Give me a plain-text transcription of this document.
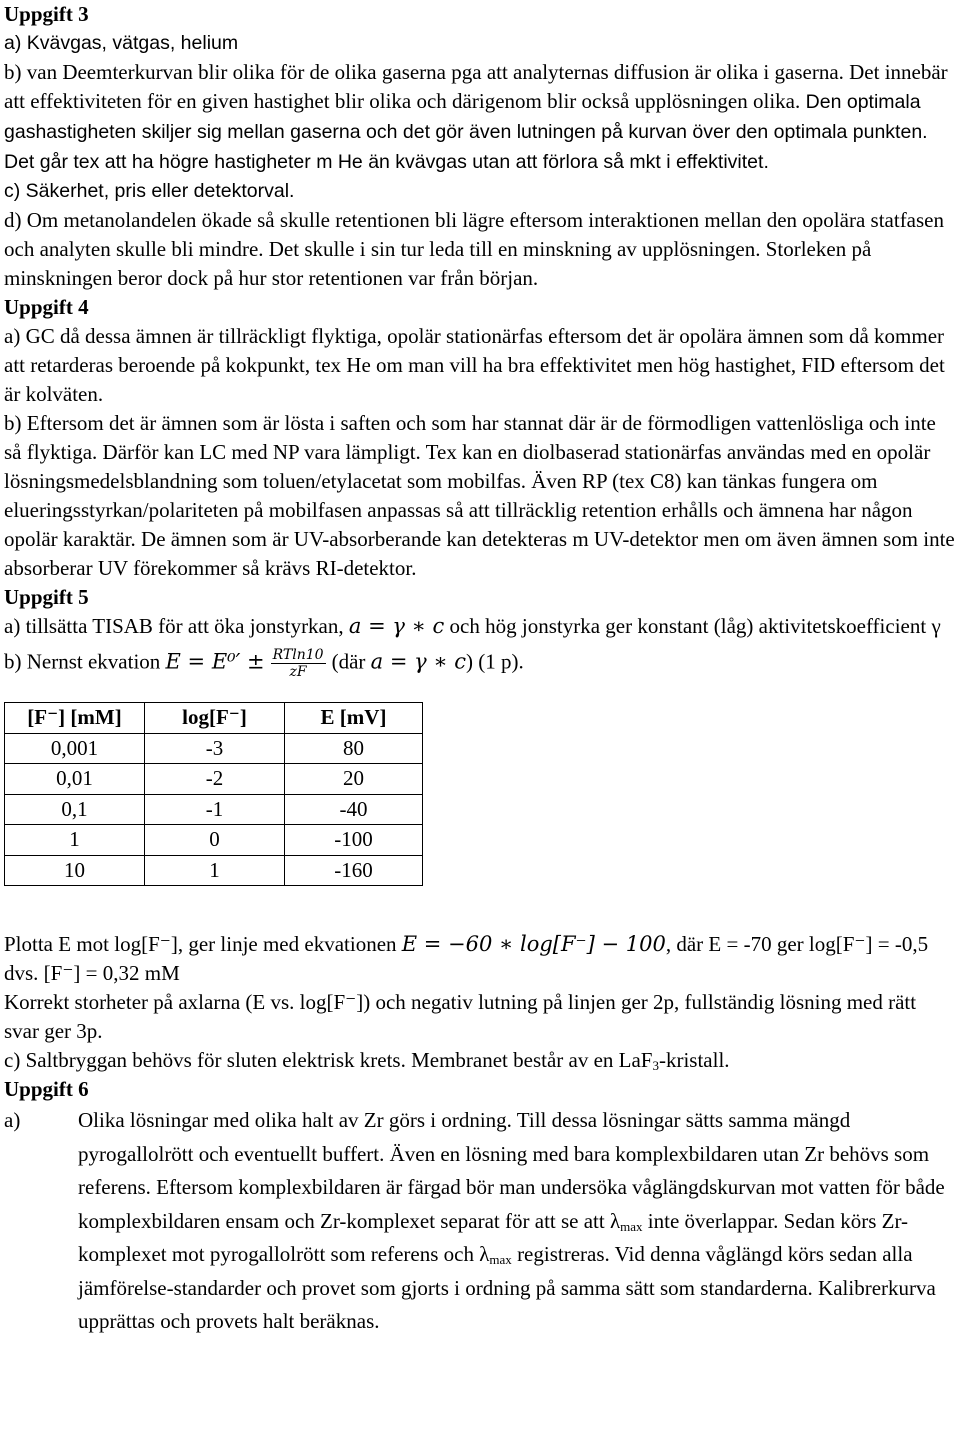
Uppgift 3

a) Kvävgas, vätgas, helium

b) van Deemterkurvan blir olika för de olika gaserna pga att analyternas diffusion är olika i gaserna. Det innebär att effektiviteten för en given hastighet blir olika och därigenom blir också upplösningen olika. Den optimala gashastigheten skiljer sig mellan gaserna och det gör även lutningen på kurvan över den optimala punkten. Det går tex att ha högre hastigheter m He än kvävgas utan att förlora så mkt i effektivitet.

c) Säkerhet, pris eller detektorval.

d) Om metanolandelen ökade så skulle retentionen bli lägre eftersom interaktionen mellan den opolära statfasen och analyten skulle bli mindre. Det skulle i sin tur leda till en minskning av upplösningen. Storleken på minskningen beror dock på hur stor retentionen var från början.

Uppgift 4

a) GC då dessa ämnen är tillräckligt flyktiga, opolär stationärfas eftersom det är opolära ämnen som då kommer att retarderas beroende på kokpunkt, tex He om man vill ha bra effektivitet men hög hastighet, FID eftersom det är kolväten.

b) Eftersom det är ämnen som är lösta i saften och som har stannat där är de förmodligen vattenlösliga och inte så flyktiga. Därför kan LC med NP vara lämpligt. Tex kan en diolbaserad stationärfas användas med en opolär lösningsmedelsblandning som toluen/etylacetat som mobilfas. Även RP (tex C8) kan tänkas fungera om elueringsstyrkan/polariteten på mobilfasen anpassas så att tillräcklig retention erhålls och ämnena har någon opolär karaktär. De ämnen som är UV-absorberande kan detekteras m UV-detektor men om även ämnen som inte absorberar UV förekommer så krävs RI-detektor.

Uppgift 5

a) tillsätta TISAB för att öka jonstyrkan, a = γ ∗ c och hög jonstyrka ger konstant (låg) aktivitetskoefficient γ

b) Nernst ekvation $E = E^0' \pm \frac{RTln10}{zF}$ (där a = γ ∗ c) (1 p).

[F⁻] [mM]	log[F⁻]	E [mV]
0,001	-3	80
0,01	-2	20
0,1	-1	-40
1	0	-100
10	1	-160

Plotta E mot log[F⁻], ger linje med ekvationen E = −60 ∗ log[F⁻] − 100, där E = -70 ger log[F⁻] = -0,5 dvs. [F⁻] = 0,32 mM

Korrekt storheter på axlarna (E vs. log[F⁻]) och negativ lutning på linjen ger 2p, fullständig lösning med rätt svar ger 3p.

c) Saltbryggan behövs för sluten elektrisk krets. Membranet består av en LaF$_3$-kristall.

Uppgift 6

a)	Olika lösningar med olika halt av Zr görs i ordning. Till dessa lösningar sätts samma mängd pyrogallolrött och eventuellt buffert. Även en lösning med bara komplexbildaren utan Zr behövs som referens. Eftersom komplexbildaren är färgad bör man undersöka våglängdskurvan mot vatten för både komplexbildaren ensam och Zr-komplexet separat för att se att $\lambda_{max}$ inte överlappar. Sedan körs Zr-komplexet mot pyrogallolrött som referens och $\lambda_{max}$ registreras. Vid denna våglängd körs sedan alla jämförelse-standarder och provet som gjorts i ordning på samma sätt som standarderna. Kalibrerkurva upprättas och provets halt beräknas.
